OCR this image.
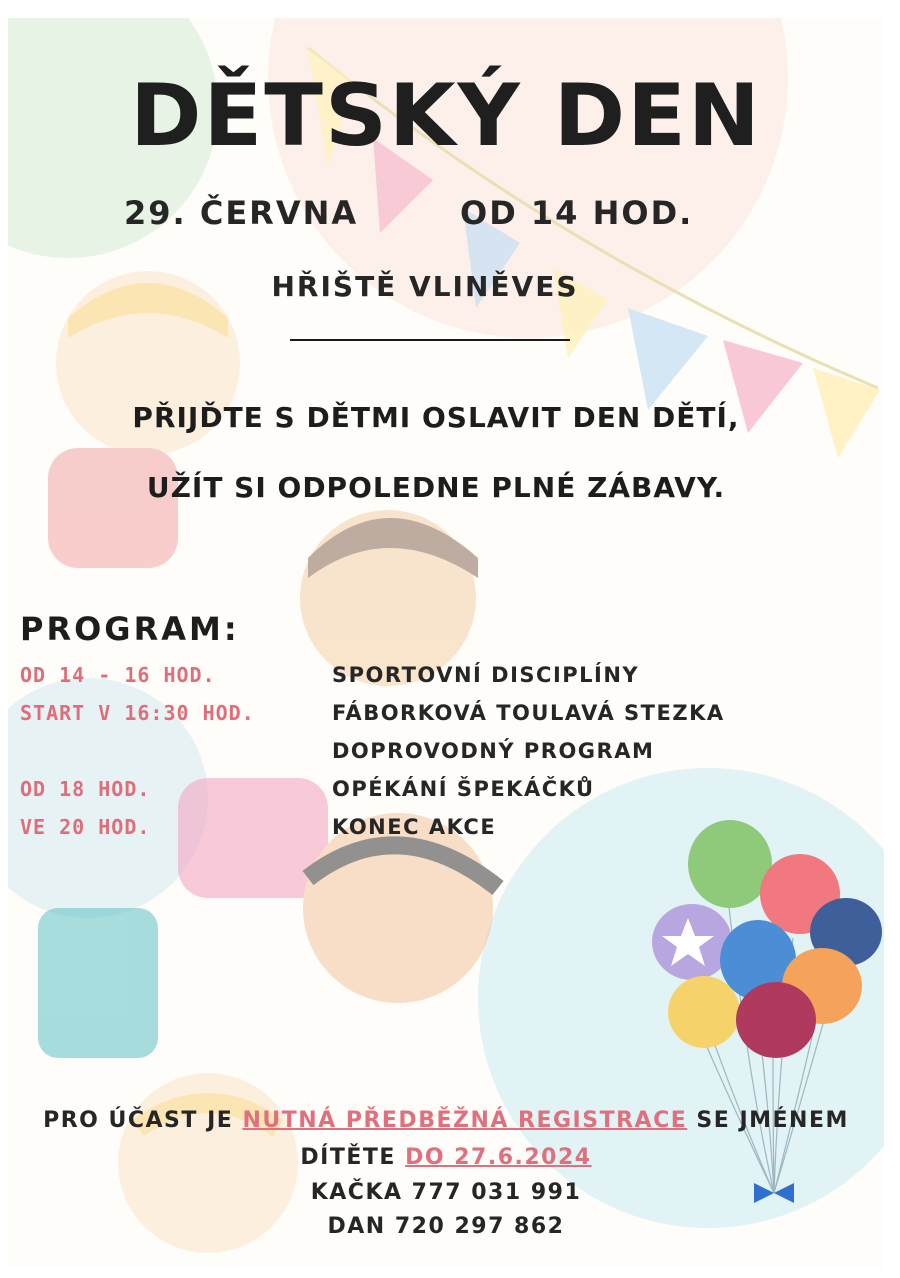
DĚTSKÝ DEN
29. ČERVNA	OD 14 HOD.
HŘIŠTĚ VLINĚVES
PŘIJĎTE S DĚTMI OSLAVIT DEN DĚTÍ,
UŽÍT SI ODPOLEDNE PLNÉ ZÁBAVY.
PROGRAM:
OD 14 - 16 HOD.	SPORTOVNÍ DISCIPLÍNY
START V 16:30 HOD.	FÁBORKOVÁ TOULAVÁ STEZKA
DOPROVODNÝ PROGRAM
OD 18 HOD.	OPÉKÁNÍ ŠPEKÁČKŮ
VE 20 HOD.	KONEC AKCE
PRO ÚČAST JE NUTNÁ PŘEDBĚŽNÁ REGISTRACE SE JMÉNEM
DÍTĚTE DO 27.6.2024
KAČKA 777 031 991
DAN 720 297 862
